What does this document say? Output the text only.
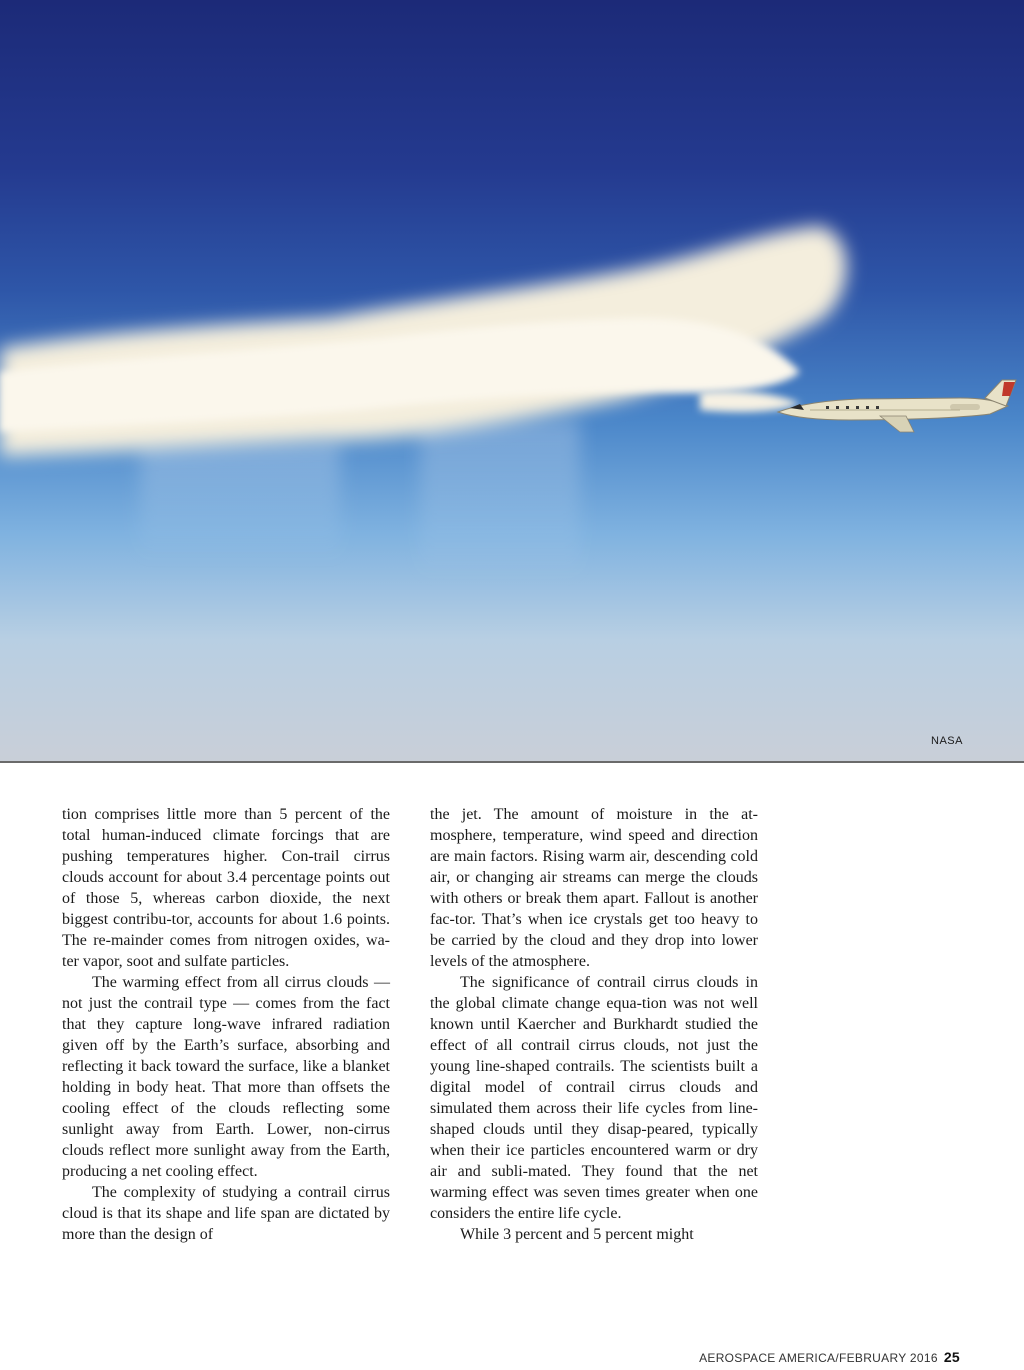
NASA

tion comprises little more than 5 percent of the total human-induced climate forcings that are pushing temperatures higher. Con-trail cirrus clouds account for about 3.4 percentage points out of those 5, whereas carbon dioxide, the next biggest contribu-tor, accounts for about 1.6 points. The re-mainder comes from nitrogen oxides, wa-ter vapor, soot and sulfate particles.

The warming effect from all cirrus clouds — not just the contrail type — comes from the fact that they capture long-wave infrared radiation given off by the Earth’s surface, absorbing and reflecting it back toward the surface, like a blanket holding in body heat. That more than offsets the cooling effect of the clouds reflecting some sunlight away from Earth. Lower, non-cirrus clouds reflect more sunlight away from the Earth, producing a net cooling effect.

The complexity of studying a contrail cirrus cloud is that its shape and life span are dictated by more than the design of

the jet. The amount of moisture in the at-mosphere, temperature, wind speed and direction are main factors. Rising warm air, descending cold air, or changing air streams can merge the clouds with others or break them apart. Fallout is another fac-tor. That’s when ice crystals get too heavy to be carried by the cloud and they drop into lower levels of the atmosphere.

The significance of contrail cirrus clouds in the global climate change equa-tion was not well known until Kaercher and Burkhardt studied the effect of all contrail cirrus clouds, not just the young line-shaped contrails. The scientists built a digital model of contrail cirrus clouds and simulated them across their life cycles from line-shaped clouds until they disap-peared, typically when their ice particles encountered warm or dry air and subli-mated. They found that the net warming effect was seven times greater when one considers the entire life cycle.

While 3 percent and 5 percent might

AEROSPACE AMERICA/FEBRUARY 2016 25
